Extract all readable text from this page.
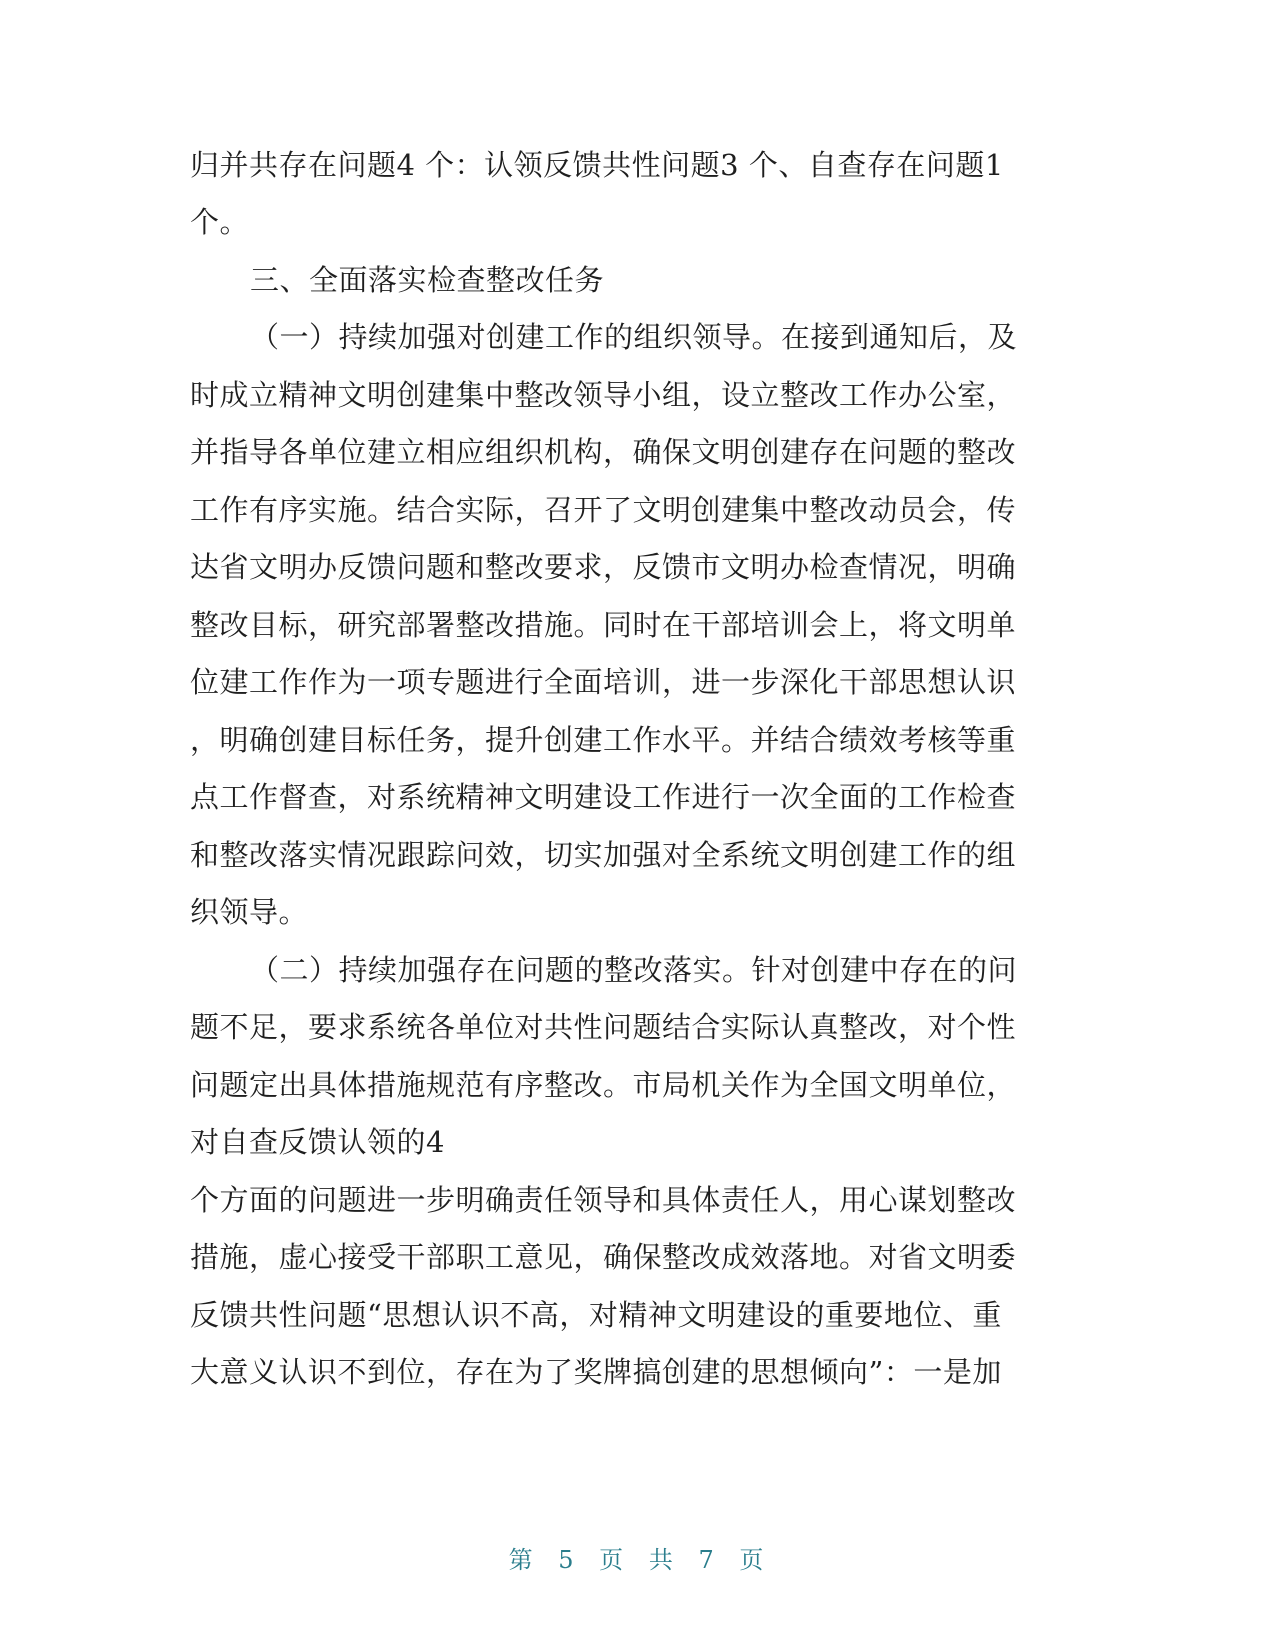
归并共存在问题4 个：认领反馈共性问题3 个、自查存在问题1
个。
三、全面落实检查整改任务
（一）持续加强对创建工作的组织领导。在接到通知后，及
时成立精神文明创建集中整改领导小组，设立整改工作办公室，
并指导各单位建立相应组织机构，确保文明创建存在问题的整改
工作有序实施。结合实际，召开了文明创建集中整改动员会，传
达省文明办反馈问题和整改要求，反馈市文明办检查情况，明确
整改目标，研究部署整改措施。同时在干部培训会上，将文明单
位建工作作为一项专题进行全面培训，进一步深化干部思想认识
，明确创建目标任务，提升创建工作水平。并结合绩效考核等重
点工作督查，对系统精神文明建设工作进行一次全面的工作检查
和整改落实情况跟踪问效，切实加强对全系统文明创建工作的组
织领导。
（二）持续加强存在问题的整改落实。针对创建中存在的问
题不足，要求系统各单位对共性问题结合实际认真整改，对个性
问题定出具体措施规范有序整改。市局机关作为全国文明单位，
对自查反馈认领的4
个方面的问题进一步明确责任领导和具体责任人，用心谋划整改
措施，虚心接受干部职工意见，确保整改成效落地。对省文明委
反馈共性问题“思想认识不高，对精神文明建设的重要地位、重
大意义认识不到位，存在为了奖牌搞创建的思想倾向”：一是加
第 5 页 共 7 页
